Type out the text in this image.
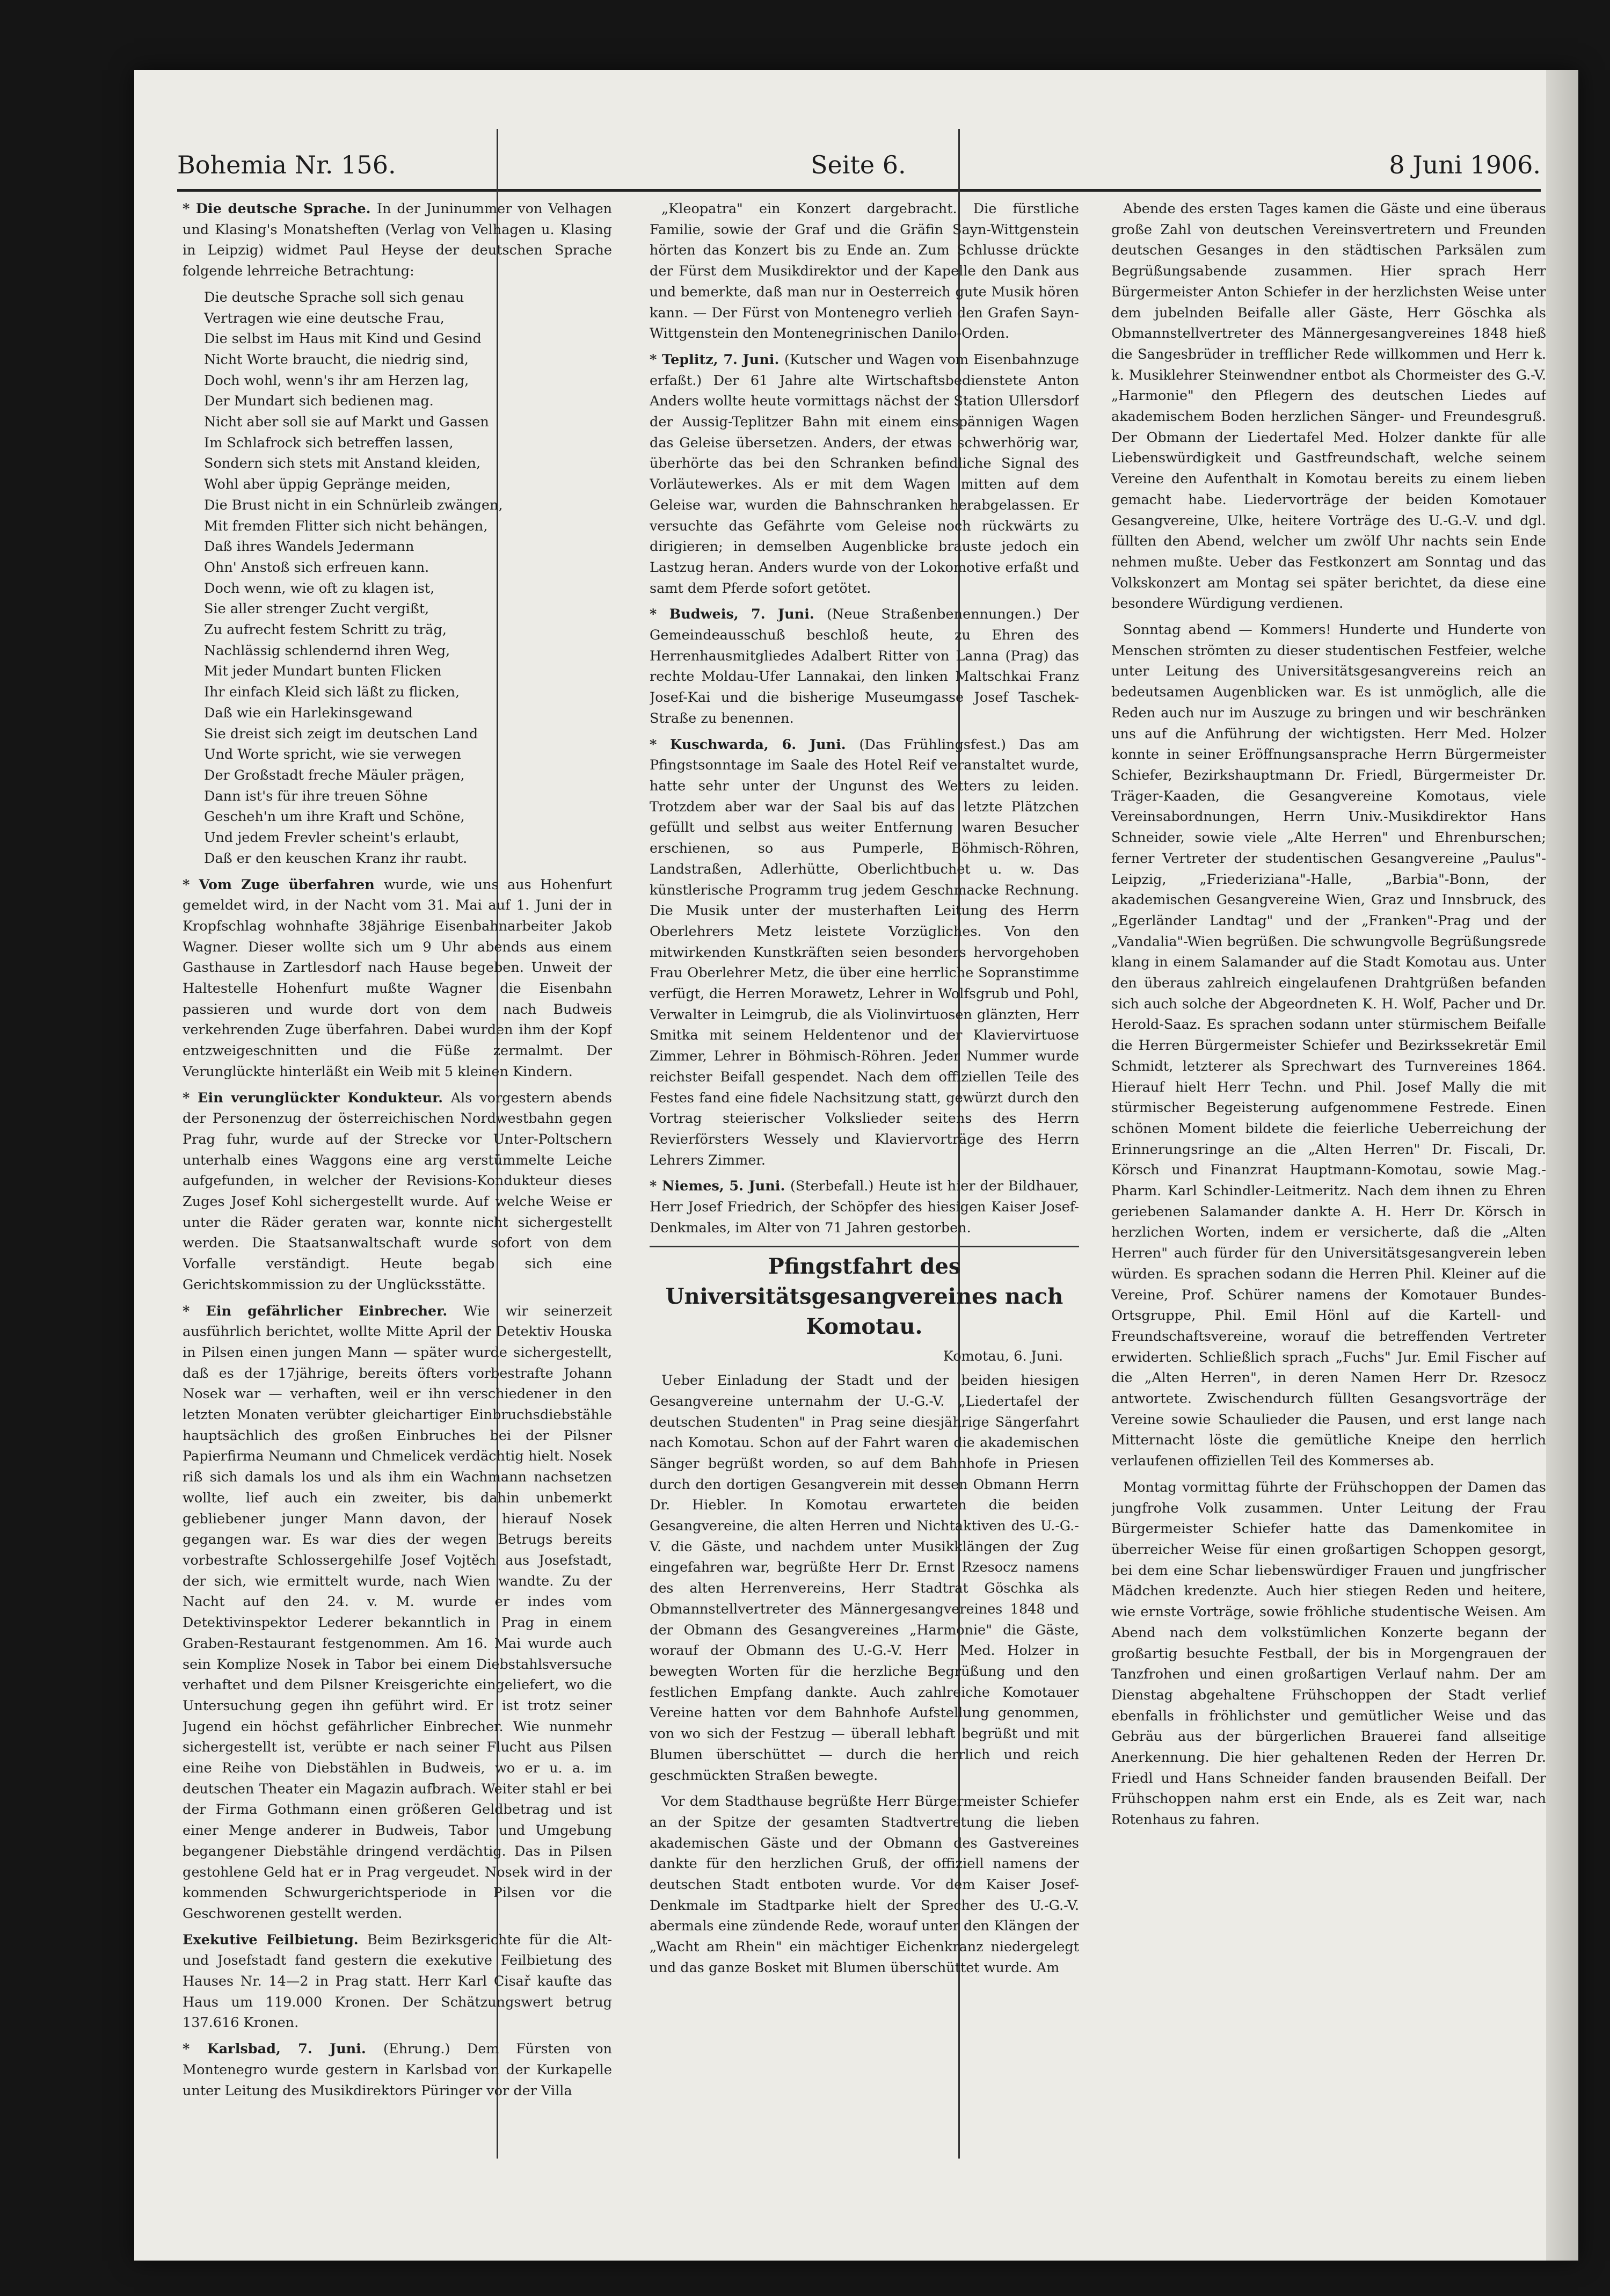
Bohemia Nr. 156.	Seite 6.	8 Juni 1906.

* Die deutsche Sprache. In der Juninummer von Velhagen und Klasing's Monatsheften (Verlag von Velhagen u. Klasing in Leipzig) widmet Paul Heyse der deutschen Sprache folgende lehrreiche Betrachtung:

Die deutsche Sprache soll sich genau
Vertragen wie eine deutsche Frau,
Die selbst im Haus mit Kind und Gesind
Nicht Worte braucht, die niedrig sind,
Doch wohl, wenn's ihr am Herzen lag,
Der Mundart sich bedienen mag.
Nicht aber soll sie auf Markt und Gassen
Im Schlafrock sich betreffen lassen,
Sondern sich stets mit Anstand kleiden,
Wohl aber üppig Gepränge meiden,
Die Brust nicht in ein Schnürleib zwängen,
Mit fremden Flitter sich nicht behängen,
Daß ihres Wandels Jedermann
Ohn' Anstoß sich erfreuen kann.
Doch wenn, wie oft zu klagen ist,
Sie aller strenger Zucht vergißt,
Zu aufrecht festem Schritt zu träg,
Nachlässig schlendernd ihren Weg,
Mit jeder Mundart bunten Flicken
Ihr einfach Kleid sich läßt zu flicken,
Daß wie ein Harlekinsgewand
Sie dreist sich zeigt im deutschen Land
Und Worte spricht, wie sie verwegen
Der Großstadt freche Mäuler prägen,
Dann ist's für ihre treuen Söhne
Gescheh'n um ihre Kraft und Schöne,
Und jedem Frevler scheint's erlaubt,
Daß er den keuschen Kranz ihr raubt.

* Vom Zuge überfahren wurde, wie uns aus Hohenfurt gemeldet wird, in der Nacht vom 31. Mai auf 1. Juni der in Kropfschlag wohnhafte 38jährige Eisenbahnarbeiter Jakob Wagner. Dieser wollte sich um 9 Uhr abends aus einem Gasthause in Zartlesdorf nach Hause begeben. Unweit der Haltestelle Hohenfurt mußte Wagner die Eisenbahn passieren und wurde dort von dem nach Budweis verkehrenden Zuge überfahren. Dabei wurden ihm der Kopf entzweigeschnitten und die Füße zermalmt. Der Verunglückte hinterläßt ein Weib mit 5 kleinen Kindern.

* Ein verunglückter Kondukteur. Als vorgestern abends der Personenzug der österreichischen Nordwestbahn gegen Prag fuhr, wurde auf der Strecke vor Unter-Poltschern unterhalb eines Waggons eine arg verstümmelte Leiche aufgefunden, in welcher der Revisions-Kondukteur dieses Zuges Josef Kohl sichergestellt wurde. Auf welche Weise er unter die Räder geraten war, konnte nicht sichergestellt werden. Die Staatsanwaltschaft wurde sofort von dem Vorfalle verständigt. Heute begab sich eine Gerichtskommission zu der Unglücksstätte.

* Ein gefährlicher Einbrecher. Wie wir seinerzeit ausführlich berichtet, wollte Mitte April der Detektiv Houska in Pilsen einen jungen Mann — später wurde sichergestellt, daß es der 17jährige, bereits öfters vorbestrafte Johann Nosek war — verhaften, weil er ihn verschiedener in den letzten Monaten verübter gleichartiger Einbruchsdiebstähle hauptsächlich des großen Einbruches bei der Pilsner Papierfirma Neumann und Chmelicek verdächtig hielt. Nosek riß sich damals los und als ihm ein Wachmann nachsetzen wollte, lief auch ein zweiter, bis dahin unbemerkt gebliebener junger Mann davon, der hierauf Nosek gegangen war. Es war dies der wegen Betrugs bereits vorbestrafte Schlossergehilfe Josef Vojtěch aus Josefstadt, der sich, wie ermittelt wurde, nach Wien wandte. Zu der Nacht auf den 24. v. M. wurde er indes vom Detektivinspektor Lederer bekanntlich in Prag in einem Graben-Restaurant festgenommen. Am 16. Mai wurde auch sein Komplize Nosek in Tabor bei einem Diebstahlsversuche verhaftet und dem Pilsner Kreisgerichte eingeliefert, wo die Untersuchung gegen ihn geführt wird. Er ist trotz seiner Jugend ein höchst gefährlicher Einbrecher. Wie nunmehr sichergestellt ist, verübte er nach seiner Flucht aus Pilsen eine Reihe von Diebstählen in Budweis, wo er u. a. im deutschen Theater ein Magazin aufbrach. Weiter stahl er bei der Firma Gothmann einen größeren Geldbetrag und ist einer Menge anderer in Budweis, Tabor und Umgebung begangener Diebstähle dringend verdächtig. Das in Pilsen gestohlene Geld hat er in Prag vergeudet. Nosek wird in der kommenden Schwurgerichtsperiode in Pilsen vor die Geschworenen gestellt werden.

Exekutive Feilbietung. Beim Bezirksgerichte für die Alt- und Josefstadt fand gestern die exekutive Feilbietung des Hauses Nr. 14—2 in Prag statt. Herr Karl Cisař kaufte das Haus um 119.000 Kronen. Der Schätzungswert betrug 137.616 Kronen.

* Karlsbad, 7. Juni. (Ehrung.) Dem Fürsten von Montenegro wurde gestern in Karlsbad von der Kurkapelle unter Leitung des Musikdirektors Püringer vor der Villa

„Kleopatra" ein Konzert dargebracht. Die fürstliche Familie, sowie der Graf und die Gräfin Sayn-Wittgenstein hörten das Konzert bis zu Ende an. Zum Schlusse drückte der Fürst dem Musikdirektor und der Kapelle den Dank aus und bemerkte, daß man nur in Oesterreich gute Musik hören kann. — Der Fürst von Montenegro verlieh den Grafen Sayn-Wittgenstein den Montenegrinischen Danilo-Orden.

* Teplitz, 7. Juni. (Kutscher und Wagen vom Eisenbahnzuge erfaßt.) Der 61 Jahre alte Wirtschaftsbedienstete Anton Anders wollte heute vormittags nächst der Station Ullersdorf der Aussig-Teplitzer Bahn mit einem einspännigen Wagen das Geleise übersetzen. Anders, der etwas schwerhörig war, überhörte das bei den Schranken befindliche Signal des Vorläutewerkes. Als er mit dem Wagen mitten auf dem Geleise war, wurden die Bahnschranken herabgelassen. Er versuchte das Gefährte vom Geleise noch rückwärts zu dirigieren; in demselben Augenblicke brauste jedoch ein Lastzug heran. Anders wurde von der Lokomotive erfaßt und samt dem Pferde sofort getötet.

* Budweis, 7. Juni. (Neue Straßenbenennungen.) Der Gemeindeausschuß beschloß heute, zu Ehren des Herrenhausmitgliedes Adalbert Ritter von Lanna (Prag) das rechte Moldau-Ufer Lannakai, den linken Maltschkai Franz Josef-Kai und die bisherige Museumgasse Josef Taschek-Straße zu benennen.

* Kuschwarda, 6. Juni. (Das Frühlingsfest.) Das am Pfingstsonntage im Saale des Hotel Reif veranstaltet wurde, hatte sehr unter der Ungunst des Wetters zu leiden. Trotzdem aber war der Saal bis auf das letzte Plätzchen gefüllt und selbst aus weiter Entfernung waren Besucher erschienen, so aus Pumperle, Böhmisch-Röhren, Landstraßen, Adlerhütte, Oberlichtbuchet u. w. Das künstlerische Programm trug jedem Geschmacke Rechnung. Die Musik unter der musterhaften Leitung des Herrn Oberlehrers Metz leistete Vorzügliches. Von den mitwirkenden Kunstkräften seien besonders hervorgehoben Frau Oberlehrer Metz, die über eine herrliche Sopranstimme verfügt, die Herren Morawetz, Lehrer in Wolfsgrub und Pohl, Verwalter in Leimgrub, die als Violinvirtuosen glänzten, Herr Smitka mit seinem Heldentenor und der Klaviervirtuose Zimmer, Lehrer in Böhmisch-Röhren. Jeder Nummer wurde reichster Beifall gespendet. Nach dem offiziellen Teile des Festes fand eine fidele Nachsitzung statt, gewürzt durch den Vortrag steierischer Volkslieder seitens des Herrn Revierförsters Wessely und Klaviervorträge des Herrn Lehrers Zimmer.

* Niemes, 5. Juni. (Sterbefall.) Heute ist hier der Bildhauer, Herr Josef Friedrich, der Schöpfer des hiesigen Kaiser Josef-Denkmales, im Alter von 71 Jahren gestorben.

Pfingstfahrt des Universitätsgesangvereines nach Komotau.
Komotau, 6. Juni.

Ueber Einladung der Stadt und der beiden hiesigen Gesangvereine unternahm der U.-G.-V. „Liedertafel der deutschen Studenten" in Prag seine diesjährige Sängerfahrt nach Komotau. Schon auf der Fahrt waren die akademischen Sänger begrüßt worden, so auf dem Bahnhofe in Priesen durch den dortigen Gesangverein mit dessen Obmann Herrn Dr. Hiebler. In Komotau erwarteten die beiden Gesangvereine, die alten Herren und Nichtaktiven des U.-G.-V. die Gäste, und nachdem unter Musikklängen der Zug eingefahren war, begrüßte Herr Dr. Ernst Rzesocz namens des alten Herrenvereins, Herr Stadtrat Göschka als Obmannstellvertreter des Männergesangvereines 1848 und der Obmann des Gesangvereines „Harmonie" die Gäste, worauf der Obmann des U.-G.-V. Herr Med. Holzer in bewegten Worten für die herzliche Begrüßung und den festlichen Empfang dankte. Auch zahlreiche Komotauer Vereine hatten vor dem Bahnhofe Aufstellung genommen, von wo sich der Festzug — überall lebhaft begrüßt und mit Blumen überschüttet — durch die herrlich und reich geschmückten Straßen bewegte.

Vor dem Stadthause begrüßte Herr Bürgermeister Schiefer an der Spitze der gesamten Stadtvertretung die lieben akademischen Gäste und der Obmann des Gastvereines dankte für den herzlichen Gruß, der offiziell namens der deutschen Stadt entboten wurde. Vor dem Kaiser Josef-Denkmale im Stadtparke hielt der Sprecher des U.-G.-V. abermals eine zündende Rede, worauf unter den Klängen der „Wacht am Rhein" ein mächtiger Eichenkranz niedergelegt und das ganze Bosket mit Blumen überschüttet wurde. Am

Abende des ersten Tages kamen die Gäste und eine überaus große Zahl von deutschen Vereinsvertretern und Freunden deutschen Gesanges in den städtischen Parksälen zum Begrüßungsabende zusammen. Hier sprach Herr Bürgermeister Anton Schiefer in der herzlichsten Weise unter dem jubelnden Beifalle aller Gäste, Herr Göschka als Obmannstellvertreter des Männergesangvereines 1848 hieß die Sangesbrüder in trefflicher Rede willkommen und Herr k. k. Musiklehrer Steinwendner entbot als Chormeister des G.-V. „Harmonie" den Pflegern des deutschen Liedes auf akademischem Boden herzlichen Sänger- und Freundesgruß. Der Obmann der Liedertafel Med. Holzer dankte für alle Liebenswürdigkeit und Gastfreundschaft, welche seinem Vereine den Aufenthalt in Komotau bereits zu einem lieben gemacht habe. Liedervorträge der beiden Komotauer Gesangvereine, Ulke, heitere Vorträge des U.-G.-V. und dgl. füllten den Abend, welcher um zwölf Uhr nachts sein Ende nehmen mußte. Ueber das Festkonzert am Sonntag und das Volkskonzert am Montag sei später berichtet, da diese eine besondere Würdigung verdienen.

Sonntag abend — Kommers! Hunderte und Hunderte von Menschen strömten zu dieser studentischen Festfeier, welche unter Leitung des Universitätsgesangvereins reich an bedeutsamen Augenblicken war. Es ist unmöglich, alle die Reden auch nur im Auszuge zu bringen und wir beschränken uns auf die Anführung der wichtigsten. Herr Med. Holzer konnte in seiner Eröffnungsansprache Herrn Bürgermeister Schiefer, Bezirkshauptmann Dr. Friedl, Bürgermeister Dr. Träger-Kaaden, die Gesangvereine Komotaus, viele Vereinsabordnungen, Herrn Univ.-Musikdirektor Hans Schneider, sowie viele „Alte Herren" und Ehrenburschen; ferner Vertreter der studentischen Gesangvereine „Paulus"-Leipzig, „Friederiziana"-Halle, „Barbia"-Bonn, der akademischen Gesangvereine Wien, Graz und Innsbruck, des „Egerländer Landtag" und der „Franken"-Prag und der „Vandalia"-Wien begrüßen. Die schwungvolle Begrüßungsrede klang in einem Salamander auf die Stadt Komotau aus. Unter den überaus zahlreich eingelaufenen Drahtgrüßen befanden sich auch solche der Abgeordneten K. H. Wolf, Pacher und Dr. Herold-Saaz. Es sprachen sodann unter stürmischem Beifalle die Herren Bürgermeister Schiefer und Bezirkssekretär Emil Schmidt, letzterer als Sprechwart des Turnvereines 1864. Hierauf hielt Herr Techn. und Phil. Josef Mally die mit stürmischer Begeisterung aufgenommene Festrede. Einen schönen Moment bildete die feierliche Ueberreichung der Erinnerungsringe an die „Alten Herren" Dr. Fiscali, Dr. Körsch und Finanzrat Hauptmann-Komotau, sowie Mag.-Pharm. Karl Schindler-Leitmeritz. Nach dem ihnen zu Ehren geriebenen Salamander dankte A. H. Herr Dr. Körsch in herzlichen Worten, indem er versicherte, daß die „Alten Herren" auch fürder für den Universitätsgesangverein leben würden. Es sprachen sodann die Herren Phil. Kleiner auf die Vereine, Prof. Schürer namens der Komotauer Bundes-Ortsgruppe, Phil. Emil Hönl auf die Kartell- und Freundschaftsvereine, worauf die betreffenden Vertreter erwiderten. Schließlich sprach „Fuchs" Jur. Emil Fischer auf die „Alten Herren", in deren Namen Herr Dr. Rzesocz antwortete. Zwischendurch füllten Gesangsvorträge der Vereine sowie Schaulieder die Pausen, und erst lange nach Mitternacht löste die gemütliche Kneipe den herrlich verlaufenen offiziellen Teil des Kommerses ab.

Montag vormittag führte der Frühschoppen der Damen das jungfrohe Volk zusammen. Unter Leitung der Frau Bürgermeister Schiefer hatte das Damenkomitee in überreicher Weise für einen großartigen Schoppen gesorgt, bei dem eine Schar liebenswürdiger Frauen und jungfrischer Mädchen kredenzte. Auch hier stiegen Reden und heitere, wie ernste Vorträge, sowie fröhliche studentische Weisen. Am Abend nach dem volkstümlichen Konzerte begann der großartig besuchte Festball, der bis in Morgengrauen der Tanzfrohen und einen großartigen Verlauf nahm. Der am Dienstag abgehaltene Frühschoppen der Stadt verlief ebenfalls in fröhlichster und gemütlicher Weise und das Gebräu aus der bürgerlichen Brauerei fand allseitige Anerkennung. Die hier gehaltenen Reden der Herren Dr. Friedl und Hans Schneider fanden brausenden Beifall. Der Frühschoppen nahm erst ein Ende, als es Zeit war, nach Rotenhaus zu fahren.
